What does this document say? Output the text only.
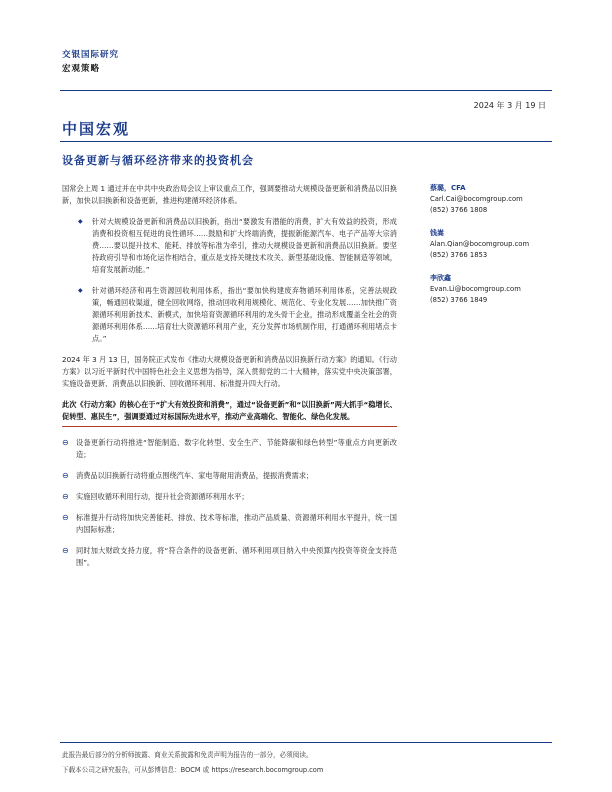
交银国际研究
宏观策略
2024 年 3 月 19 日
中国宏观
设备更新与循环经济带来的投资机会
国常会上周 1 通过并在中共中央政治局会议上审议重点工作，强调要推动大规模设备更新和消费品以旧换新，加快以旧换新和设备更新，推进构建循环经济体系。
◆	针对大规模设备更新和消费品以旧换新，指出“要激发有潜能的消费，扩大有效益的投资，形成消费和投资相互促进的良性循环……鼓励和扩大终端消费，提振新能源汽车、电子产品等大宗消费……要以提升技术、能耗、排放等标准为牵引，推动大规模设备更新和消费品以旧换新。要坚持政府引导和市场化运作相结合，重点是支持关键技术攻关、新型基础设施、智能制造等领域，培育发展新动能。”
◆	针对循环经济和再生资源回收利用体系，指出“要加快构建废弃物循环利用体系，完善法规政策，畅通回收渠道，健全回收网络，推动回收利用规模化、规范化、专业化发展……加快推广资源循环利用新技术、新模式，加快培育资源循环利用的龙头骨干企业，推动形成覆盖全社会的资源循环利用体系……培育壮大资源循环利用产业，充分发挥市场机制作用，打通循环利用堵点卡点。”
2024 年 3 月 13 日，国务院正式发布《推动大规模设备更新和消费品以旧换新行动方案》的通知。《行动方案》以习近平新时代中国特色社会主义思想为指导，深入贯彻党的二十大精神，落实党中央决策部署，实施设备更新、消费品以旧换新、回收循环利用、标准提升四大行动。
此次《行动方案》的核心在于“扩大有效投资和消费”，通过“设备更新”和“以旧换新”两大抓手“稳增长、促转型、惠民生”，强调要通过对标国际先进水平，推动产业高端化、智能化、绿色化发展。
⊖	设备更新行动将推进“智能制造、数字化转型、安全生产、节能降碳和绿色转型”等重点方向更新改造；
⊖	消费品以旧换新行动将重点围绕汽车、家电等耐用消费品，提振消费需求；
⊖	实施回收循环利用行动，提升社会资源循环利用水平；
⊖	标准提升行动将加快完善能耗、排放、技术等标准，推动产品质量、资源循环利用水平提升，统一国内国际标准；
⊖	同时加大财政支持力度，将“符合条件的设备更新、循环利用项目纳入中央预算内投资等资金支持范围”。
蔡璐，CFA
Carl.Cai@bocomgroup.com
(852) 3766 1808
钱嵩
Alan.Qian@bocomgroup.com
(852) 3766 1853
李欣鑫
Evan.Li@bocomgroup.com
(852) 3766 1849
此报告最后部分的分析师披露、商业关系披露和免责声明为报告的一部分，必须阅读。
下载本公司之研究报告，可从彭博信息：BOCM 或 https://research.bocomgroup.com
